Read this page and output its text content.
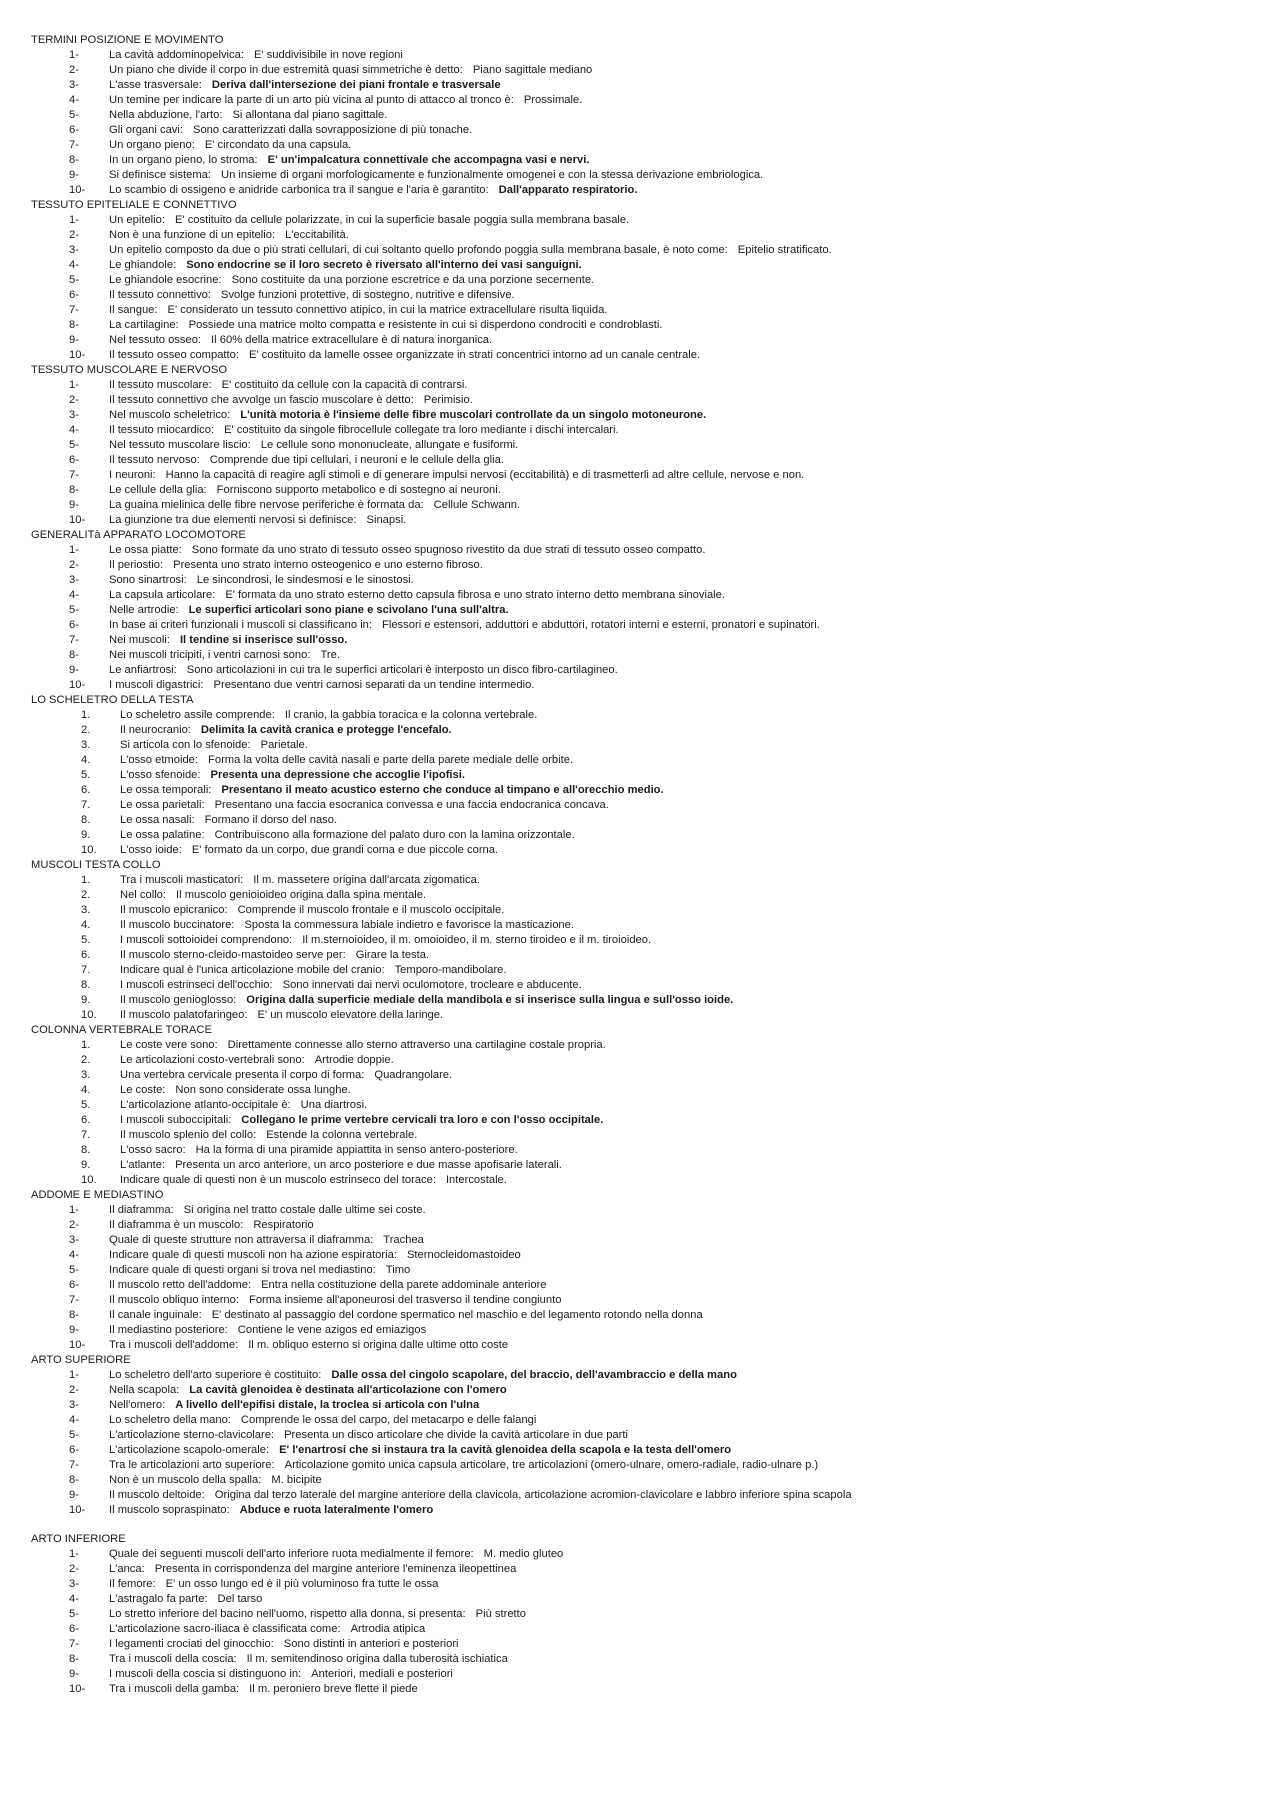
TERMINI POSIZIONE E MOVIMENTO
1-	La cavità addominopelvica: E' suddivisibile in nove regioni
2-	Un piano che divide il corpo in due estremità quasi simmetriche è detto: Piano sagittale mediano
3-	L'asse trasversale: Deriva dall'intersezione dei piani frontale e trasversale
4-	Un temine per indicare la parte di un arto più vicina al punto di attacco al tronco è: Prossimale.
5-	Nella abduzione, l'arto: Si allontana dal piano sagittale.
6-	Gli organi cavi: Sono caratterizzati dalla sovrapposizione di più tonache.
7-	Un organo pieno: E' circondato da una capsula.
8-	In un organo pieno, lo stroma: E' un'impalcatura connettivale che accompagna vasi e nervi.
9-	Si definisce sistema: Un insieme di organi morfologicamente e funzionalmente omogenei e con la stessa derivazione embriologica.
10- Lo scambio di ossigeno e anidride carbonica tra il sangue e l'aria è garantito: Dall'apparato respiratorio.
TESSUTO EPITELIALE E CONNETTIVO
1-	Un epitelio: E' costituito da cellule polarizzate, in cui la superficie basale poggia sulla membrana basale.
2-	Non è una funzione di un epitelio: L'eccitabilità.
3-	Un epitelio composto da due o più strati cellulari, di cui soltanto quello profondo poggia sulla membrana basale, è noto come: Epitelio stratificato.
4-	Le ghiandole: Sono endocrine se il loro secreto è riversato all'interno dei vasi sanguigni.
5-	Le ghiandole esocrine: Sono costituite da una porzione escretrice e da una porzione secernente.
6-	Il tessuto connettivo: Svolge funzioni protettive, di sostegno, nutritive e difensive.
7-	Il sangue: E' considerato un tessuto connettivo atipico, in cui la matrice extracellulare risulta liquida.
8-	La cartilagine: Possiede una matrice molto compatta e resistente in cui si disperdono condrociti e condroblasti.
9-	Nel tessuto osseo: Il 60% della matrice extracellulare è di natura inorganica.
10- Il tessuto osseo compatto: E' costituito da lamelle ossee organizzate in strati concentrici intorno ad un canale centrale.
TESSUTO MUSCOLARE E NERVOSO
1-	Il tessuto muscolare: E' costituito da cellule con la capacità di contrarsi.
2-	Il tessuto connettivo che avvolge un fascio muscolare è detto: Perimisio.
3-	Nel muscolo scheletrico: L'unità motoria è l'insieme delle fibre muscolari controllate da un singolo motoneurone.
4-	Il tessuto miocardico: E' costituito da singole fibrocellule collegate tra loro mediante i dischi intercalari.
5-	Nel tessuto muscolare liscio: Le cellule sono mononucleate, allungate e fusiformi.
6-	Il tessuto nervoso: Comprende due tipi cellulari, i neuroni e le cellule della glia.
7-	I neuroni: Hanno la capacità di reagire agli stimoli e di generare impulsi nervosi (eccitabilità) e di trasmetterli ad altre cellule, nervose e non.
8-	Le cellule della glia: Forniscono supporto metabolico e di sostegno ai neuroni.
9-	La guaina mielinica delle fibre nervose periferiche è formata da: Cellule Schwann.
10- La giunzione tra due elementi nervosi si definisce: Sinapsi.
GENERALITà APPARATO LOCOMOTORE
1-	Le ossa piatte: Sono formate da uno strato di tessuto osseo spugnoso rivestito da due strati di tessuto osseo compatto.
2-	Il periostio: Presenta uno strato interno osteogenico e uno esterno fibroso.
3-	Sono sinartrosi: Le sincondrosi, le sindesmosi e le sinostosi.
4-	La capsula articolare: E' formata da uno strato esterno detto capsula fibrosa e uno strato interno detto membrana sinoviale.
5-	Nelle artrodie: Le superfici articolari sono piane e scivolano l'una sull'altra.
6-	In base ai criteri funzionali i muscoli si classificano in: Flessori e estensori, adduttori e abduttori, rotatori interni e esterni, pronatori e supinatori.
7-	Nei muscoli: Il tendine si inserisce sull'osso.
8-	Nei muscoli tricipiti, i ventri carnosi sono: Tre.
9-	Le anfiartrosi: Sono articolazioni in cui tra le superfici articolari è interposto un disco fibro-cartilagineo.
10- I muscoli digastrici: Presentano due ventri carnosi separati da un tendine intermedio.
LO SCHELETRO DELLA TESTA
1.	Lo scheletro assile comprende: Il cranio, la gabbia toracica e la colonna vertebrale.
2.	Il neurocranio: Delimita la cavità cranica e protegge l'encefalo.
3.	Si articola con lo sfenoide: Parietale.
4.	L'osso etmoide: Forma la volta delle cavità nasali e parte della parete mediale delle orbite.
5.	L'osso sfenoide: Presenta una depressione che accoglie l'ipofisi.
6.	Le ossa temporali: Presentano il meato acustico esterno che conduce al timpano e all'orecchio medio.
7.	Le ossa parietali: Presentano una faccia esocranica convessa e una faccia endocranica concava.
8.	Le ossa nasali: Formano il dorso del naso.
9.	Le ossa palatine: Contribuiscono alla formazione del palato duro con la lamina orizzontale.
10. L'osso ioide: E' formato da un corpo, due grandi corna e due piccole corna.
MUSCOLI TESTA COLLO
1.	Tra i muscoli masticatori: Il m. massetere origina dall'arcata zigomatica.
2.	Nel collo: Il muscolo genioioideo origina dalla spina mentale.
3.	Il muscolo epicranico: Comprende il muscolo frontale e il muscolo occipitale.
4.	Il muscolo buccinatore: Sposta la commessura labiale indietro e favorisce la masticazione.
5.	I muscoli sottoioidei comprendono: Il m.sternoioideo, il m. omoioideo, il m. sterno tiroideo e il m. tiroioideo.
6.	Il muscolo sterno-cleido-mastoideo serve per: Girare la testa.
7.	Indicare qual è l'unica articolazione mobile del cranio: Temporo-mandibolare.
8.	I muscoli estrinseci dell'occhio: Sono innervati dai nervi oculomotore, trocleare e abducente.
9.	Il muscolo genioglosso: Origina dalla superficie mediale della mandibola e si inserisce sulla lingua e sull'osso ioide.
10. Il muscolo palatofaringeo: E' un muscolo elevatore della laringe.
COLONNA VERTEBRALE TORACE
1.	Le coste vere sono: Direttamente connesse allo sterno attraverso una cartilagine costale propria.
2.	Le articolazioni costo-vertebrali sono: Artrodie doppie.
3.	Una vertebra cervicale presenta il corpo di forma: Quadrangolare.
4.	Le coste: Non sono considerate ossa lunghe.
5.	L'articolazione atlanto-occipitale è: Una diartrosi.
6.	I muscoli suboccipitali: Collegano le prime vertebre cervicali tra loro e con l'osso occipitale.
7.	Il muscolo splenio del collo: Estende la colonna vertebrale.
8.	L'osso sacro: Ha la forma di una piramide appiattita in senso antero-posteriore.
9.	L'atlante: Presenta un arco anteriore, un arco posteriore e due masse apofisarie laterali.
10. Indicare quale di questi non è un muscolo estrinseco del torace: Intercostale.
ADDOME E MEDIASTINO
1-	Il diaframma: Si origina nel tratto costale dalle ultime sei coste.
2-	Il diaframma è un muscolo: Respiratorio
3-	Quale di queste strutture non attraversa il diaframma: Trachea
4-	Indicare quale di questi muscoli non ha azione espiratoria: Sternocleidomastoideo
5-	Indicare quale di questi organi si trova nel mediastino: Timo
6-	Il muscolo retto dell'addome: Entra nella costituzione della parete addominale anteriore
7-	Il muscolo obliquo interno: Forma insieme all'aponeurosi del trasverso il tendine congiunto
8-	Il canale inguinale: E' destinato al passaggio del cordone spermatico nel maschio e del legamento rotondo nella donna
9-	Il mediastino posteriore: Contiene le vene azigos ed emiazigos
10- Tra i muscoli dell'addome: Il m. obliquo esterno si origina dalle ultime otto coste
ARTO SUPERIORE
1-	Lo scheletro dell'arto superiore è costituito: Dalle ossa del cingolo scapolare, del braccio, dell'avambraccio e della mano
2-	Nella scapola: La cavità glenoidea è destinata all'articolazione con l'omero
3-	Nell'omero: A livello dell'epifisi distale, la troclea si articola con l'ulna
4-	Lo scheletro della mano: Comprende le ossa del carpo, del metacarpo e delle falangi
5-	L'articolazione sterno-clavicolare: Presenta un disco articolare che divide la cavità articolare in due parti
6-	L'articolazione scapolo-omerale: E' l'enartrosi che si instaura tra la cavità glenoidea della scapola e la testa dell'omero
7-	Tra le articolazioni arto superiore: Articolazione gomito unica capsula articolare, tre articolazioni (omero-ulnare, omero-radiale, radio-ulnare p.)
8-	Non è un muscolo della spalla: M. bicipite
9-	Il muscolo deltoide: Origina dal terzo laterale del margine anteriore della clavicola, articolazione acromion-clavicolare e labbro inferiore spina scapola
10- Il muscolo sopraspinato: Abduce e ruota lateralmente l'omero
ARTO INFERIORE
1-	Quale dei seguenti muscoli dell'arto inferiore ruota medialmente il femore: M. medio gluteo
2-	L'anca: Presenta in corrispondenza del margine anteriore l'eminenza ileopettinea
3-	Il femore: E' un osso lungo ed è il più voluminoso fra tutte le ossa
4-	L'astragalo fa parte: Del tarso
5-	Lo stretto inferiore del bacino nell'uomo, rispetto alla donna, si presenta: Più stretto
6-	L'articolazione sacro-iliaca è classificata come: Artrodia atipica
7-	I legamenti crociati del ginocchio: Sono distinti in anteriori e posteriori
8-	Tra i muscoli della coscia: Il m. semitendinoso origina dalla tuberosità ischiatica
9-	I muscoli della coscia si distinguono in: Anteriori, mediali e posteriori
10- Tra i muscoli della gamba: Il m. peroniero breve flette il piede
